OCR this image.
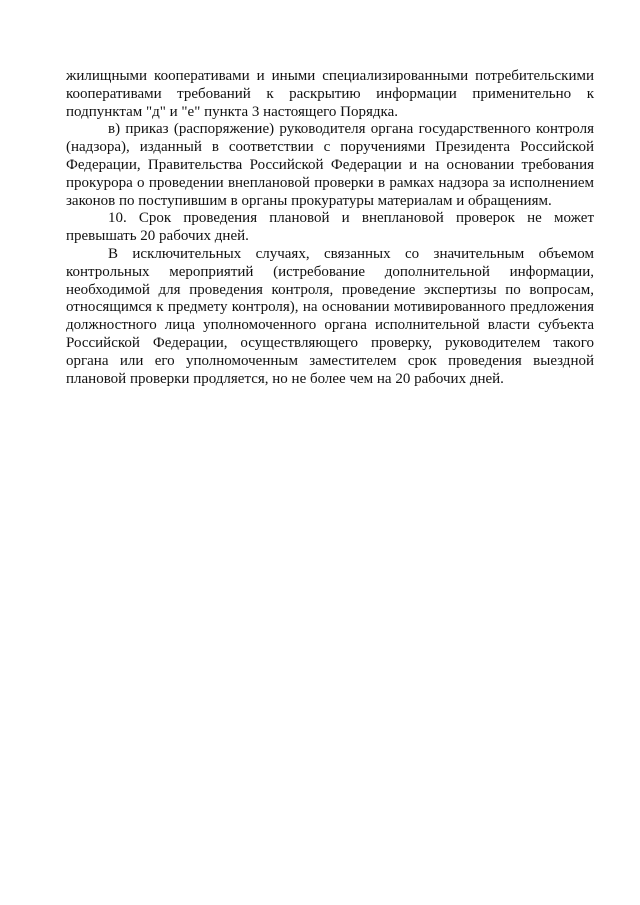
жилищными кооперативами и иными специализированными потребительскими кооперативами требований к раскрытию информации применительно к подпунктам "д" и "е" пункта 3 настоящего Порядка.

в) приказ (распоряжение) руководителя органа государственного контроля (надзора), изданный в соответствии с поручениями Президента Российской Федерации, Правительства Российской Федерации и на основании требования прокурора о проведении внеплановой проверки в рамках надзора за исполнением законов по поступившим в органы прокуратуры материалам и обращениям.

10. Срок проведения плановой и внеплановой проверок не может превышать 20 рабочих дней.

В исключительных случаях, связанных со значительным объемом контрольных мероприятий (истребование дополнительной информации, необходимой для проведения контроля, проведение экспертизы по вопросам, относящимся к предмету контроля), на основании мотивированного предложения должностного лица уполномоченного органа исполнительной власти субъекта Российской Федерации, осуществляющего проверку, руководителем такого органа или его уполномоченным заместителем срок проведения выездной плановой проверки продляется, но не более чем на 20 рабочих дней.
